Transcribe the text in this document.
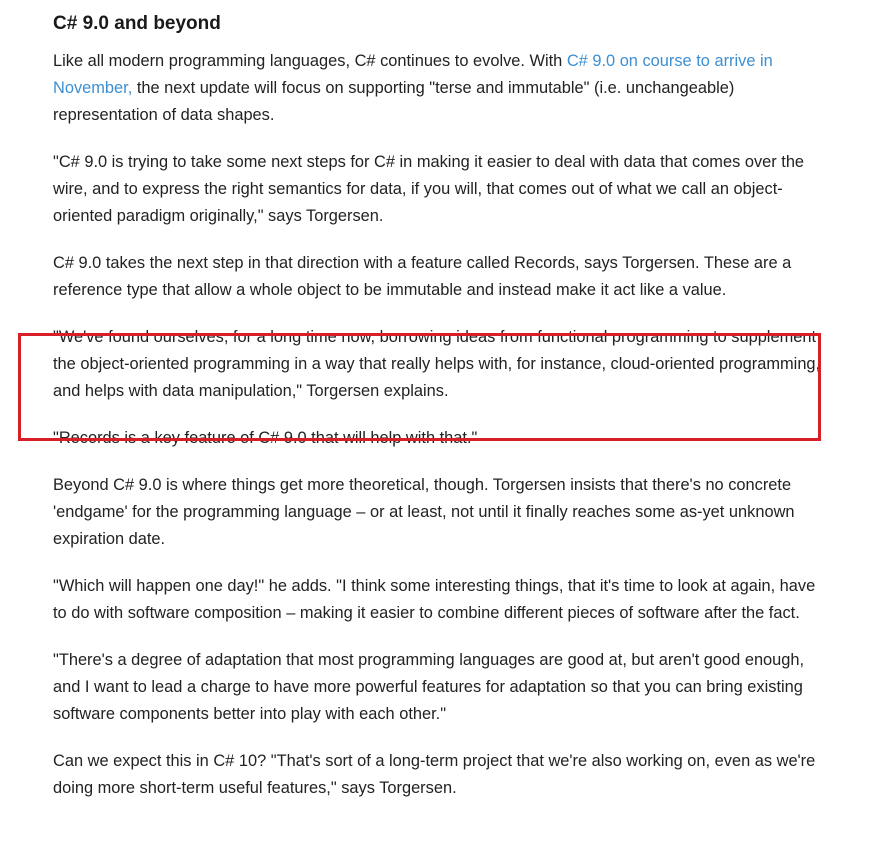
C# 9.0 and beyond

Like all modern programming languages, C# continues to evolve. With C# 9.0 on course to arrive in November, the next update will focus on supporting "terse and immutable" (i.e. unchangeable) representation of data shapes.

"C# 9.0 is trying to take some next steps for C# in making it easier to deal with data that comes over the wire, and to express the right semantics for data, if you will, that comes out of what we call an object-oriented paradigm originally," says Torgersen.

C# 9.0 takes the next step in that direction with a feature called Records, says Torgersen. These are a reference type that allow a whole object to be immutable and instead make it act like a value.

"We've found ourselves, for a long time now, borrowing ideas from functional programming to supplement the object-oriented programming in a way that really helps with, for instance, cloud-oriented programming, and helps with data manipulation," Torgersen explains.

"Records is a key feature of C# 9.0 that will help with that."

Beyond C# 9.0 is where things get more theoretical, though. Torgersen insists that there's no concrete 'endgame' for the programming language – or at least, not until it finally reaches some as-yet unknown expiration date.

"Which will happen one day!" he adds. "I think some interesting things, that it's time to look at again, have to do with software composition – making it easier to combine different pieces of software after the fact.

"There's a degree of adaptation that most programming languages are good at, but aren't good enough, and I want to lead a charge to have more powerful features for adaptation so that you can bring existing software components better into play with each other."

Can we expect this in C# 10? "That's sort of a long-term project that we're also working on, even as we're doing more short-term useful features," says Torgersen.
